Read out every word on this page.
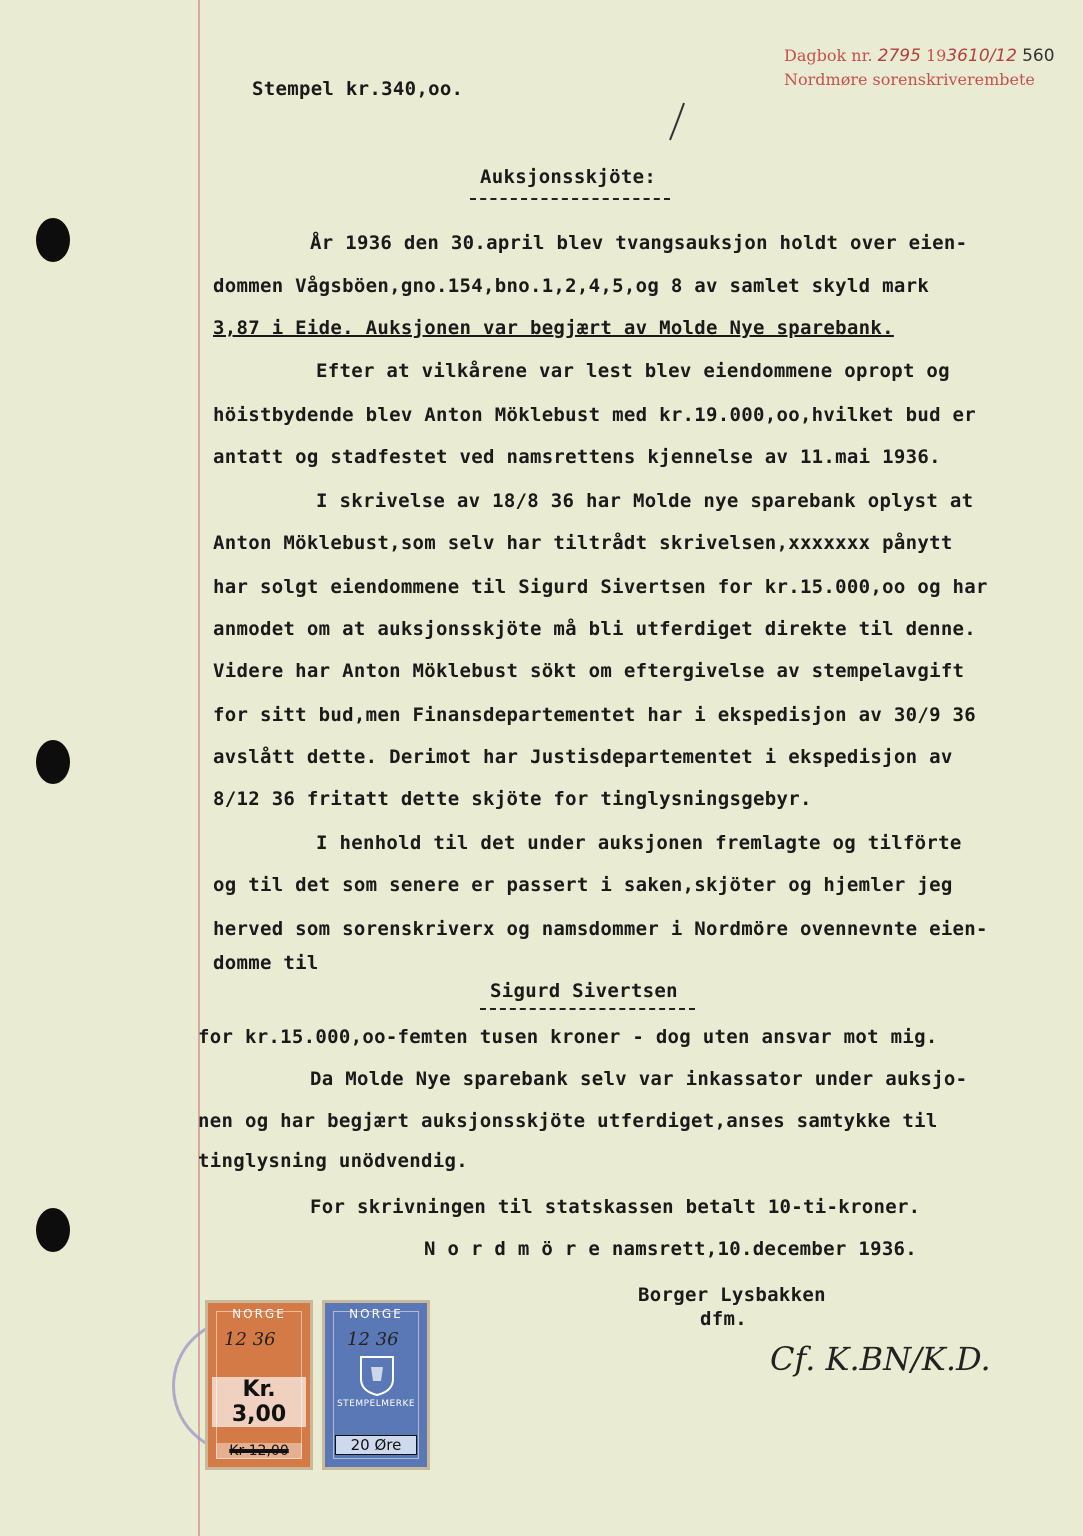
Dagbok nr. 2795 193610/12 560
Nordmøre sorenskriverembete
Stempel kr.340,oo.
Auksjonsskjöte:
År 1936 den 30.april blev tvangsauksjon holdt over eien-
dommen Vågsböen,gno.154,bno.1,2,4,5,og 8 av samlet skyld mark
3,87 i Eide. Auksjonen var begjært av Molde Nye sparebank.
Efter at vilkårene var lest blev eiendommene opropt og
höistbydende blev Anton Möklebust med kr.19.000,oo,hvilket bud er
antatt og stadfestet ved namsrettens kjennelse av 11.mai 1936.
I skrivelse av 18/8 36 har Molde nye sparebank oplyst at
Anton Möklebust,som selv har tiltrådt skrivelsen,xxxxxxx pånytt
har solgt eiendommene til Sigurd Sivertsen for kr.15.000,oo og har
anmodet om at auksjonsskjöte må bli utferdiget direkte til denne.
Videre har Anton Möklebust sökt om eftergivelse av stempelavgift
for sitt bud,men Finansdepartementet har i ekspedisjon av 30/9 36
avslått dette. Derimot har Justisdepartementet i ekspedisjon av
8/12 36 fritatt dette skjöte for tinglysningsgebyr.
I henhold til det under auksjonen fremlagte og tilförte
og til det som senere er passert i saken,skjöter og hjemler jeg
herved som sorenskriverx og namsdommer i Nordmöre ovennevnte eien-
domme til
Sigurd Sivertsen
for kr.15.000,oo-femten tusen kroner - dog uten ansvar mot mig.
Da Molde Nye sparebank selv var inkassator under auksjo-
nen og har begjært auksjonsskjöte utferdiget,anses samtykke til
tinglysning unödvendig.
For skrivningen til statskassen betalt 10-ti-kroner.
N o r d m ö r e namsrett,10.december 1936.
Borger Lysbakken
dfm.
Cf. K.BN/K.D.
NORGE
12 36
Kr. 3,00
Kr 12,00
NORGE
12 36
STEMPELMERKE
20 Øre
